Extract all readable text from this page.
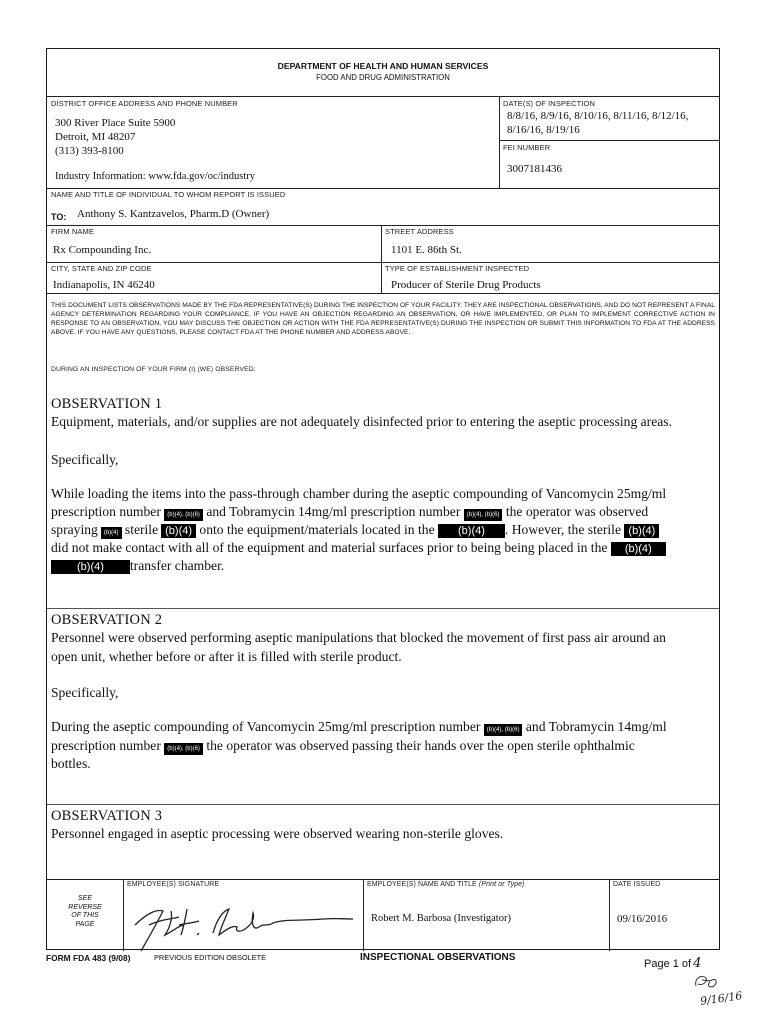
DEPARTMENT OF HEALTH AND HUMAN SERVICES
FOOD AND DRUG ADMINISTRATION
DISTRICT OFFICE ADDRESS AND PHONE NUMBER
300 River Place Suite 5900
Detroit, MI 48207
(313) 393-8100
Industry Information: www.fda.gov/oc/industry
DATE(S) OF INSPECTION
8/8/16, 8/9/16, 8/10/16, 8/11/16, 8/12/16,
8/16/16, 8/19/16
FEI NUMBER
3007181436
NAME AND TITLE OF INDIVIDUAL TO WHOM REPORT IS ISSUED
TO: Anthony S. Kantzavelos, Pharm.D (Owner)
FIRM NAME
Rx Compounding Inc.
STREET ADDRESS
1101 E. 86th St.
CITY, STATE AND ZIP CODE
Indianapolis, IN 46240
TYPE OF ESTABLISHMENT INSPECTED
Producer of Sterile Drug Products
THIS DOCUMENT LISTS OBSERVATIONS MADE BY THE FDA REPRESENTATIVE(S) DURING THE INSPECTION OF YOUR FACILITY. THEY ARE INSPECTIONAL OBSERVATIONS, AND DO NOT REPRESENT A FINAL AGENCY DETERMINATION REGARDING YOUR COMPLIANCE. IF YOU HAVE AN OBJECTION REGARDING AN OBSERVATION, OR HAVE IMPLEMENTED, OR PLAN TO IMPLEMENT CORRECTIVE ACTION IN RESPONSE TO AN OBSERVATION, YOU MAY DISCUSS THE OBJECTION OR ACTION WITH THE FDA REPRESENTATIVE(S) DURING THE INSPECTION OR SUBMIT THIS INFORMATION TO FDA AT THE ADDRESS ABOVE. IF YOU HAVE ANY QUESTIONS, PLEASE CONTACT FDA AT THE PHONE NUMBER AND ADDRESS ABOVE.
DURING AN INSPECTION OF YOUR FIRM (I) (WE) OBSERVED:
OBSERVATION 1
Equipment, materials, and/or supplies are not adequately disinfected prior to entering the aseptic processing areas.
Specifically,
While loading the items into the pass-through chamber during the aseptic compounding of Vancomycin 25mg/ml
prescription number (b)(4), (b)(6) and Tobramycin 14mg/ml prescription number (b)(4), (b)(6) the operator was observed
spraying (b)(4) sterile (b)(4) onto the equipment/materials located in the (b)(4) . However, the sterile (b)(4)
did not make contact with all of the equipment and material surfaces prior to being being placed in the (b)(4)
(b)(4) transfer chamber.
OBSERVATION 2
Personnel were observed performing aseptic manipulations that blocked the movement of first pass air around an
open unit, whether before or after it is filled with sterile product.
Specifically,
During the aseptic compounding of Vancomycin 25mg/ml prescription number (b)(4), (b)(6) and Tobramycin 14mg/ml
prescription number (b)(4), (b)(6) the operator was observed passing their hands over the open sterile ophthalmic
bottles.
OBSERVATION 3
Personnel engaged in aseptic processing were observed wearing non-sterile gloves.
SEE
REVERSE
OF THIS
PAGE
EMPLOYEE(S) SIGNATURE	EMPLOYEE(S) NAME AND TITLE (Print or Type)
Robert M. Barbosa (Investigator)
DATE ISSUED
09/16/2016
FORM FDA 483 (9/08)	PREVIOUS EDITION OBSOLETE	INSPECTIONAL OBSERVATIONS
Page 1 of 4
9/16/16
